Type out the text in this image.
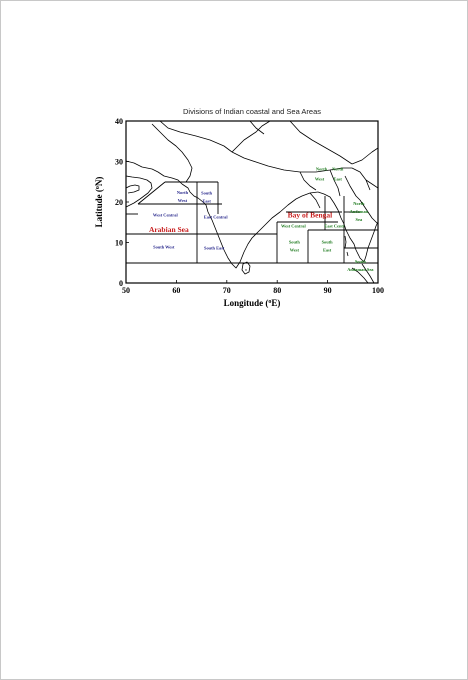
Divisions of Indian coastal and Sea Areas
50	60	70	80	90	100
0
10
20
30
40
Arabian Sea
Bay of Bengal
North
West
South
East
West Central	East Central
South West	South East
North North
West East
West Central	East Centr
North
Andaman
Sea
South
West
South
East
South
Andaman Sea
Longitude ($^o$E)
Latitude ($^o$N)
